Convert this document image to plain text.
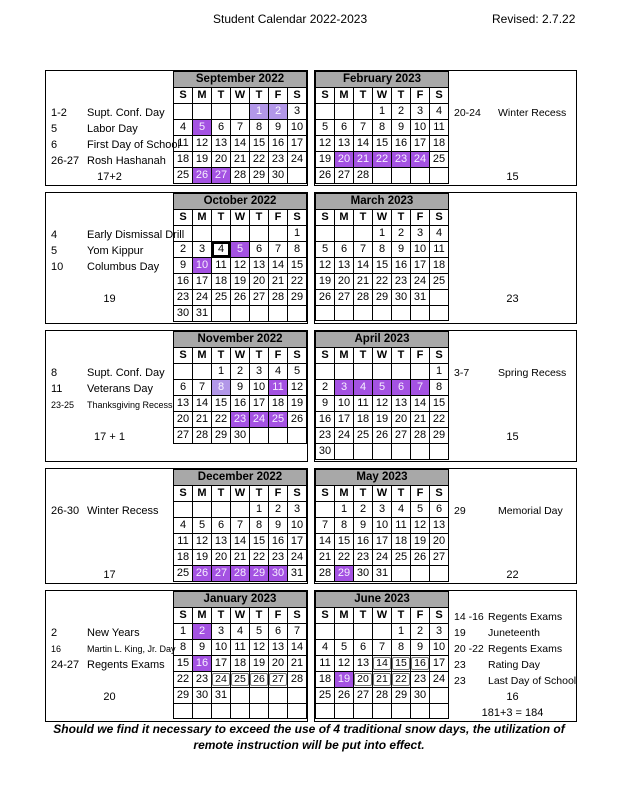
Student Calendar 2022-2023	Revised: 2.7.22
1-2	Supt. Conf. Day
5	Labor Day
6	First Day of School
26-27 Rosh Hashanah
17+2
September 2022						
S	M	T	W	T	F	S
				1	2	3
4	5	6	7	8	9	10
11	12	13	14	15	16	17
18	19	20	21	22	23	24
25	26	27	28	29	30	
February 2023						
S	M	T	W	T	F	S
			1	2	3	4
5	6	7	8	9	10	11
12	13	14	15	16	17	18
19	20	21	22	23	24	25
26	27	28				
20-24	Winter Recess
15
4	Early Dismissal Drill
5	Yom Kippur
10	Columbus Day
19
October 2022						
S	M	T	W	T	F	S
						1
2	3	4	5	6	7	8
9	10	11	12	13	14	15
16	17	18	19	20	21	22
23	24	25	26	27	28	29
30	31					
March 2023						
S	M	T	W	T	F	S
			1	2	3	4
5	6	7	8	9	10	11
12	13	14	15	16	17	18
19	20	21	22	23	24	25
26	27	28	29	30	31	
							23
8	Supt. Conf. Day
11	Veterans Day
23-25	Thanksgiving Recess
17 + 1
November 2022						
S	M	T	W	T	F	S
		1	2	3	4	5
6	7	8	9	10	11	12
13	14	15	16	17	18	19
20	21	22	23	24	25	26
27	28	29	30			
April 2023						
S	M	T	W	T	F	S
						1
2	3	4	5	6	7	8
9	10	11	12	13	14	15
16	17	18	19	20	21	22
23	24	25	26	27	28	29
30						
3-7	Spring Recess
15
26-30 Winter Recess
17
December 2022						
S	M	T	W	T	F	S
				1	2	3
4	5	6	7	8	9	10
11	12	13	14	15	16	17
18	19	20	21	22	23	24
25	26	27	28	29	30	31
May 2023						
S	M	T	W	T	F	S
	1	2	3	4	5	6
7	8	9	10	11	12	13
14	15	16	17	18	19	20
21	22	23	24	25	26	27
28	29	30	31			
29	Memorial Day
22
2	New Years
16	Martin L. King, Jr. Day
24-27 Regents Exams
20
January 2023						
S	M	T	W	T	F	S
1	2	3	4	5	6	7
8	9	10	11	12	13	14
15	16	17	18	19	20	21
22	23	24	25	26	27	28
29	30	31				

June 2023						
S	M	T	W	T	F	S
				1	2	3
4	5	6	7	8	9	10
11	12	13	14	15	16	17
18	19	20	21	22	23	24
25	26	27	28	29	30	

14 -16 Regents Exams
19	Juneteenth
20 -22 Regents Exams
23	Rating Day
23	Last Day of School
16
181+3 = 184
Should we find it necessary to exceed the use of 4 traditional snow days, the utilization of remote instruction will be put into effect.
